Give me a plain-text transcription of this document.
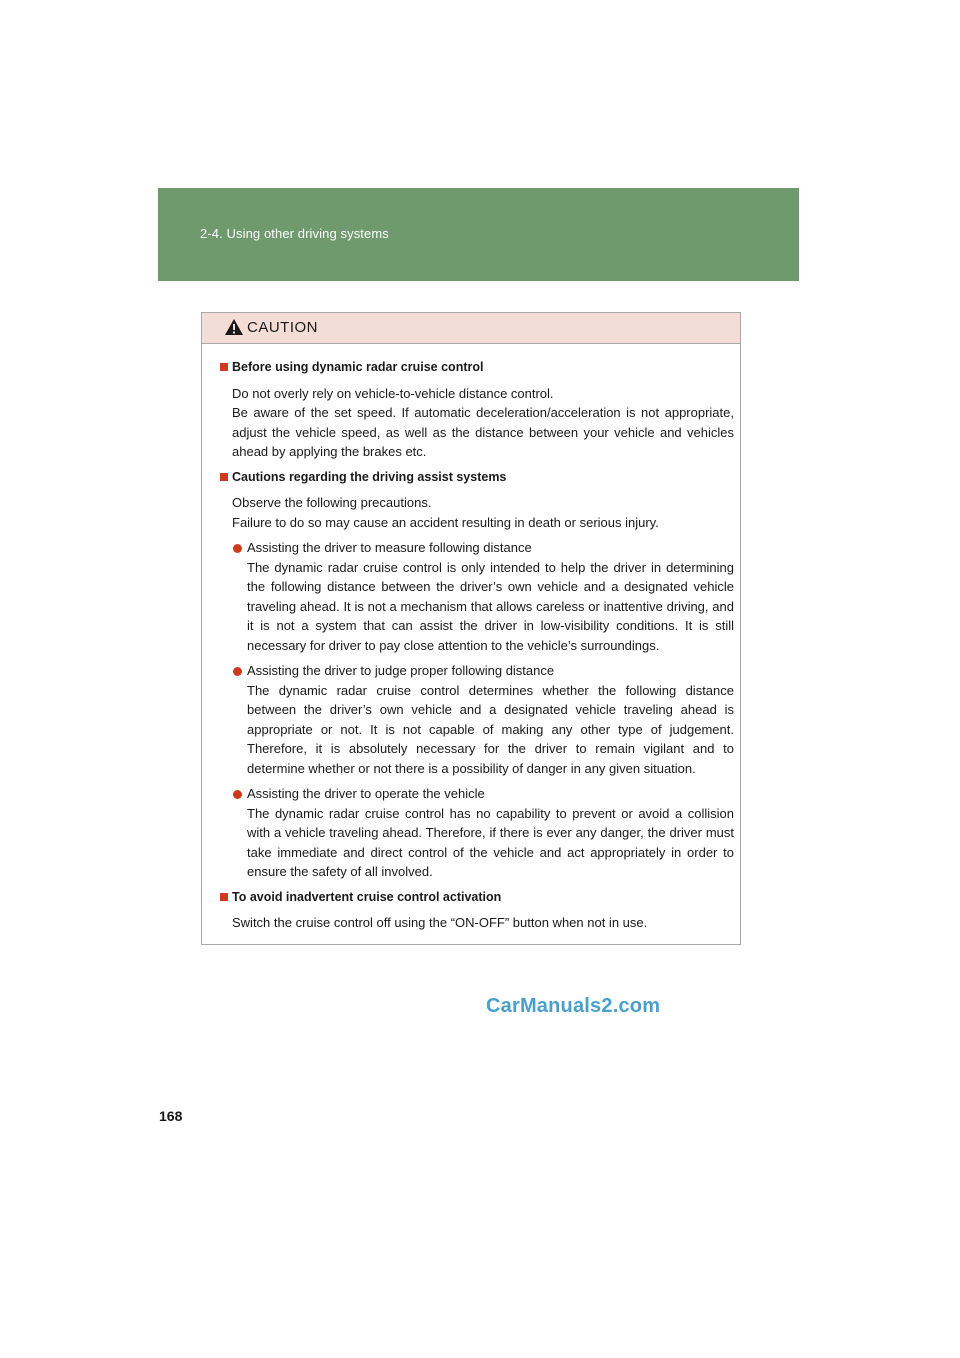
2-4. Using other driving systems
CAUTION

Before using dynamic radar cruise control

Do not overly rely on vehicle-to-vehicle distance control.
Be aware of the set speed. If automatic deceleration/acceleration is not appropriate, adjust the vehicle speed, as well as the distance between your vehicle and vehicles ahead by applying the brakes etc.

Cautions regarding the driving assist systems

Observe the following precautions.
Failure to do so may cause an accident resulting in death or serious injury.
Assisting the driver to measure following distance
The dynamic radar cruise control is only intended to help the driver in determining the following distance between the driver’s own vehicle and a designated vehicle traveling ahead. It is not a mechanism that allows careless or inattentive driving, and it is not a system that can assist the driver in low-visibility conditions. It is still necessary for driver to pay close attention to the vehicle’s surroundings.
Assisting the driver to judge proper following distance
The dynamic radar cruise control determines whether the following distance between the driver’s own vehicle and a designated vehicle traveling ahead is appropriate or not. It is not capable of making any other type of judgement. Therefore, it is absolutely necessary for the driver to remain vigilant and to determine whether or not there is a possibility of danger in any given situation.
Assisting the driver to operate the vehicle
The dynamic radar cruise control has no capability to prevent or avoid a collision with a vehicle traveling ahead. Therefore, if there is ever any danger, the driver must take immediate and direct control of the vehicle and act appropriately in order to ensure the safety of all involved.

To avoid inadvertent cruise control activation

Switch the cruise control off using the “ON-OFF” button when not in use.
CarManuals2.com
168
